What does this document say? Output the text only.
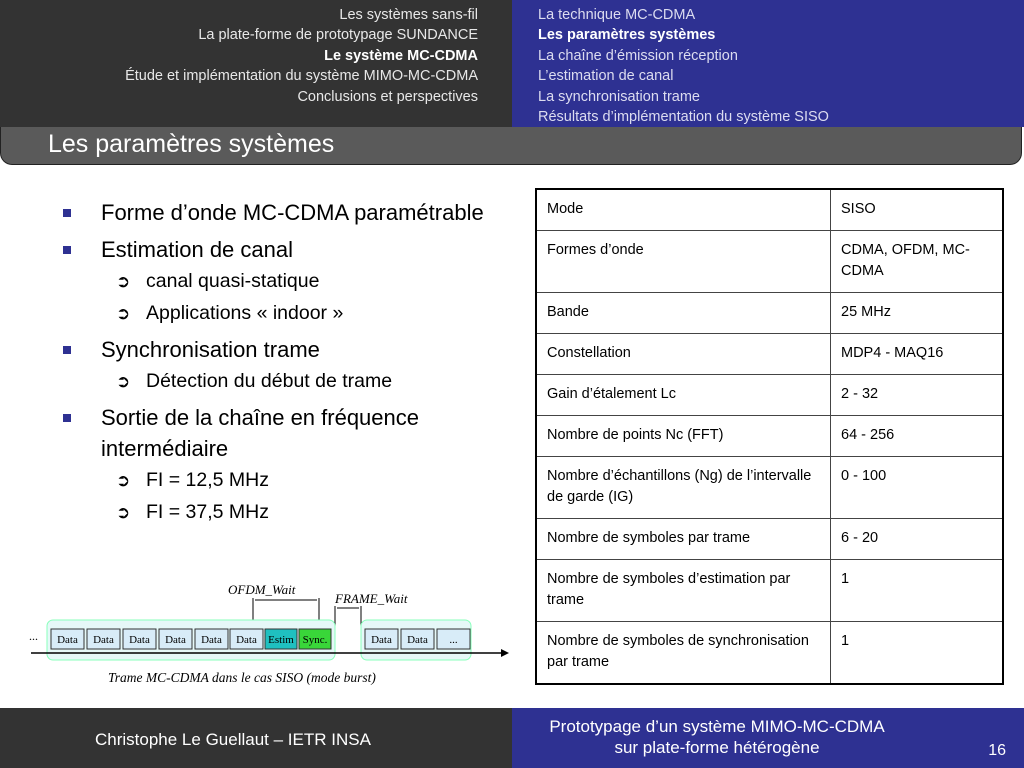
Les systèmes sans-fil
La plate-forme de prototypage SUNDANCE
Le système MC-CDMA
Étude et implémentation du système MIMO-MC-CDMA
Conclusions et perspectives
La technique MC-CDMA
Les paramètres systèmes
La chaîne d’émission réception
L’estimation de canal
La synchronisation trame
Résultats d’implémentation du système SISO
Les paramètres systèmes
Forme d’onde MC-CDMA paramétrable
Estimation de canal
➲ canal quasi-statique
➲ Applications « indoor »
Synchronisation trame
➲ Détection du début de trame
Sortie de la chaîne en fréquence intermédiaire
➲ FI = 12,5 MHz
➲ FI = 37,5 MHz
Mode	SISO
Formes d’onde	CDMA, OFDM, MC-CDMA
Bande	25 MHz
Constellation	MDP4 - MAQ16
Gain d’étalement Lc	2 - 32
Nombre de points Nc (FFT)	64 - 256
Nombre d’échantillons (Ng) de l’intervalle de garde (IG)	0 - 100
Nombre de symboles par trame	6 - 20
Nombre de symboles d’estimation par trame	1
Nombre de symboles de synchronisation par trame	1
OFDM_Wait
FRAME_Wait
... Data Data Data Data Data Data Estim Sync.	Data Data ...
Trame MC-CDMA dans le cas SISO (mode burst)
Christophe Le Guellaut – IETR INSA
Prototypage d’un système MIMO-MC-CDMA
sur plate-forme hétérogène	16
